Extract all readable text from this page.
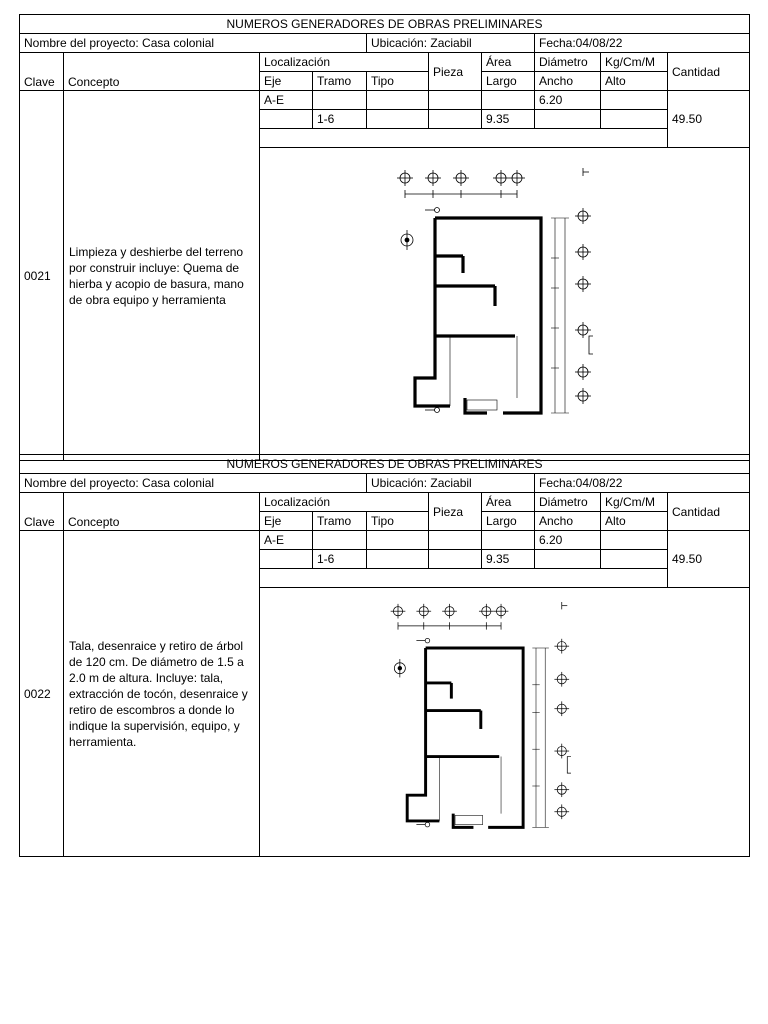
NUMEROS GENERADORES DE OBRAS PRELIMINARES									
Nombre del proyecto: Casa colonial				Ubicación: Zaciabil			Fecha:04/08/22		
Clave	Concepto	Localización			Pieza	Área	Diámetro	Kg/Cm/M	Cantidad
		Eje	Tramo	Tipo		Largo	Ancho	Alto	
0021	Limpieza y deshierbe del terreno por construir incluye: Quema de hierba y acopio de basura, mano de obra equipo y herramienta	A-E					6.20		49.50
			1-6			9.35			

NUMEROS GENERADORES DE OBRAS PRELIMINARES									
Nombre del proyecto: Casa colonial				Ubicación: Zaciabil			Fecha:04/08/22		
Clave	Concepto	Localización			Pieza	Área	Diámetro	Kg/Cm/M	Cantidad
		Eje	Tramo	Tipo		Largo	Ancho	Alto	
0022	Tala, desenraice y retiro de árbol de 120 cm. De diámetro de 1.5 a 2.0 m de altura. Incluye: tala, extracción de tocón, desenraice y retiro de escombros a donde lo indique la supervisión, equipo, y herramienta.	A-E					6.20		49.50
			1-6			9.35			
